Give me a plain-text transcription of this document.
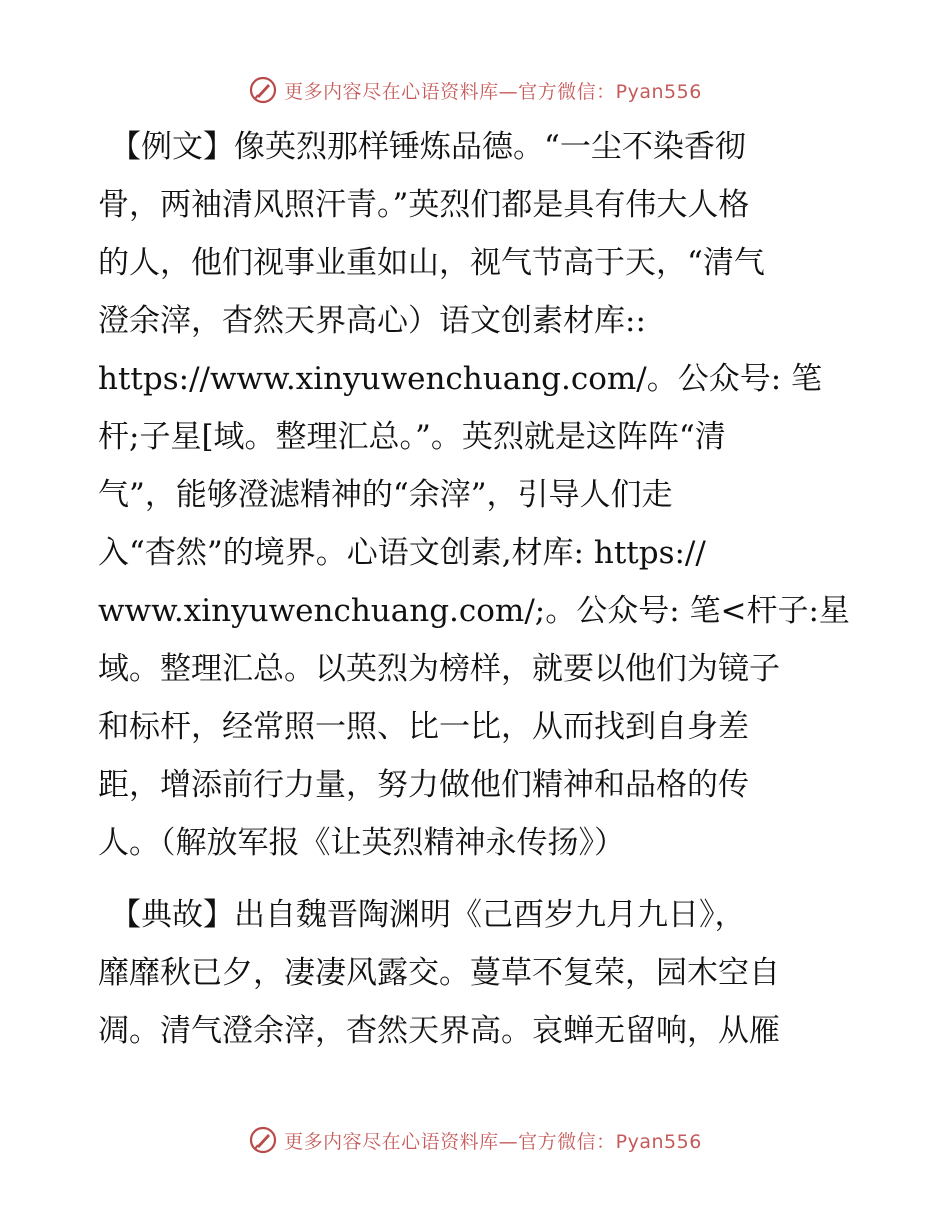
更多内容尽在心语资料库—官方微信：Pyan556
【例文】像英烈那样锤炼品德。“一尘不染香彻
骨，两袖清风照汗青。”英烈们都是具有伟大人格
的人，他们视事业重如山，视气节高于天，“清气
澄余滓，杳然天界高心）语文创素材库::
https://www.xinyuwenchuang.com/。公众号: 笔
杆;子星[域。整理汇总。”。英烈就是这阵阵“清
气”，能够澄滤精神的“余滓”，引导人们走
入“杳然”的境界。心语文创素,材库: https://
www.xinyuwenchuang.com/;。公众号: 笔<杆子:星
域。整理汇总。以英烈为榜样，就要以他们为镜子
和标杆，经常照一照、比一比，从而找到自身差
距，增添前行力量，努力做他们精神和品格的传
人。（解放军报《让英烈精神永传扬》）
【典故】出自魏晋陶渊明《己酉岁九月九日》，
靡靡秋已夕，凄凄风露交。蔓草不复荣，园木空自
凋。清气澄余滓，杳然天界高。哀蝉无留响，从雁
更多内容尽在心语资料库—官方微信：Pyan556
